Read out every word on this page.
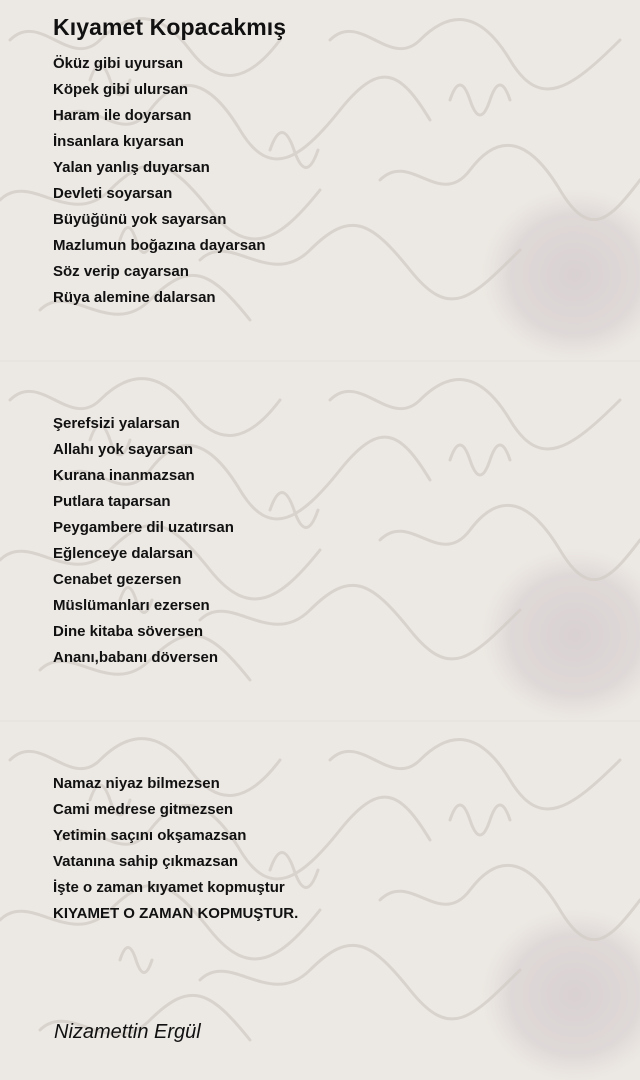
Kıyamet Kopacakmış
Öküz gibi uyursan
Köpek gibi ulursan
Haram ile doyarsan
İnsanlara kıyarsan
Yalan yanlış duyarsan
Devleti soyarsan
Büyüğünü yok sayarsan
Mazlumun boğazına dayarsan
Söz verip cayarsan
Rüya alemine dalarsan
Şerefsizi yalarsan
Allahı yok sayarsan
Kurana inanmazsan
Putlara taparsan
Peygambere dil uzatırsan
Eğlenceye dalarsan
Cenabet gezersen
Müslümanları ezersen
Dine kitaba söversen
Ananı,babanı döversen
Namaz niyaz bilmezsen
Cami medrese gitmezsen
Yetimin saçını okşamazsan
Vatanına sahip çıkmazsan
İşte o zaman kıyamet kopmuştur
KIYAMET O ZAMAN KOPMUŞTUR.

Nizamettin Ergül
